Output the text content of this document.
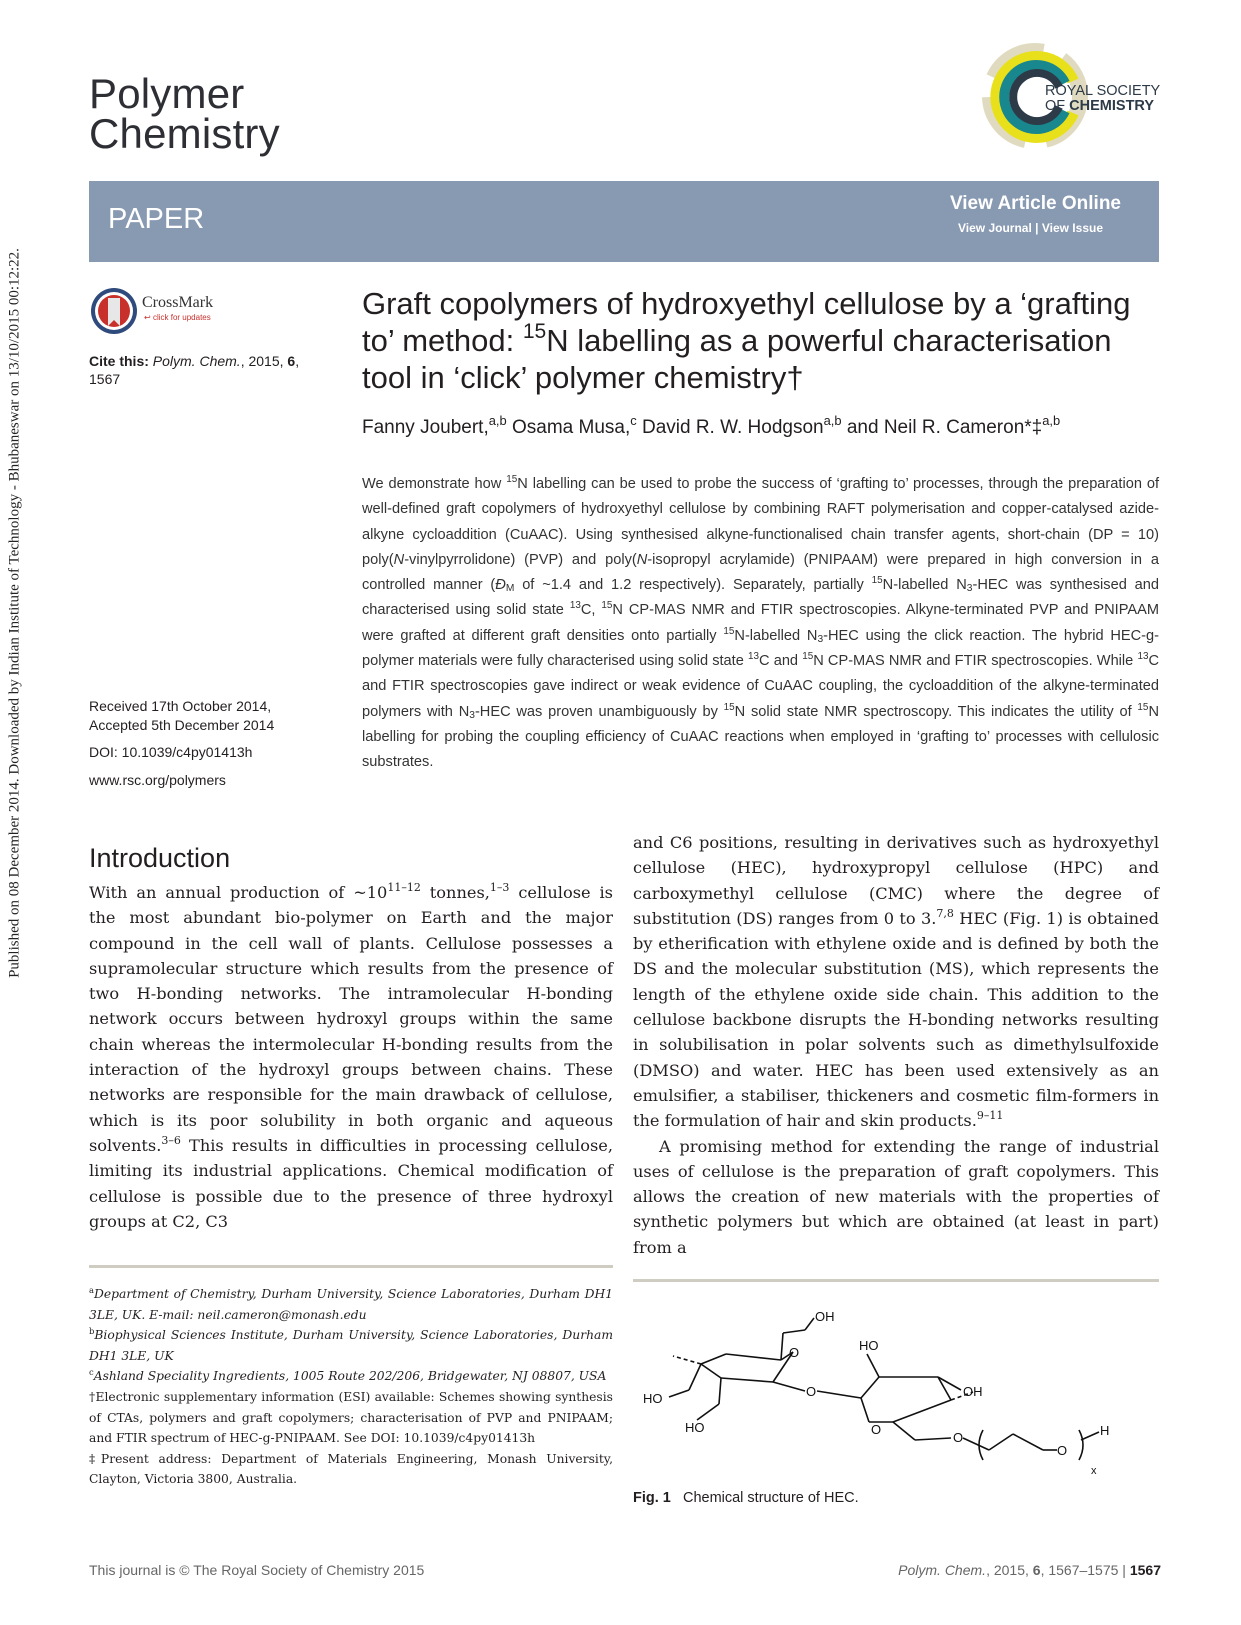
Published on 08 December 2014. Downloaded by Indian Institute of Technology - Bhubaneswar on 13/10/2015 00:12:22.
Polymer
Chemistry
ROYAL SOCIETY
OF CHEMISTRY
PAPER	View Article Online
View Journal | View Issue
CrossMark
↩ click for updates
Cite this: Polym. Chem., 2015, 6,
1567
Received 17th October 2014,
Accepted 5th December 2014
DOI: 10.1039/c4py01413h
www.rsc.org/polymers
Graft copolymers of hydroxyethyl cellulose by a ‘grafting to’ method: $^{15}$N labelling as a powerful characterisation tool in ‘click’ polymer chemistry†
Fanny Joubert,$^{a,b}$ Osama Musa,$^c$ David R. W. Hodgson$^{a,b}$ and Neil R. Cameron*‡$^{a,b}$

We demonstrate how $^{15}$N labelling can be used to probe the success of ‘grafting to’ processes, through the preparation of well-defined graft copolymers of hydroxyethyl cellulose by combining RAFT polymerisation and copper-catalysed azide-alkyne cycloaddition (CuAAC). Using synthesised alkyne-functionalised chain transfer agents, short-chain (DP = 10) poly(N-vinylpyrrolidone) (PVP) and poly(N-isopropyl acrylamide) (PNIPAAM) were prepared in high conversion in a controlled manner ($Đ_M$ of ~1.4 and 1.2 respectively). Separately, partially $^{15}$N-labelled $N_3$-HEC was synthesised and characterised using solid state $^{13}$C, $^{15}$N CP-MAS NMR and FTIR spectroscopies. Alkyne-terminated PVP and PNIPAAM were grafted at different graft densities onto partially $^{15}$N-labelled $N_3$-HEC using the click reaction. The hybrid HEC-g-polymer materials were fully characterised using solid state $^{13}$C and $^{15}$N CP-MAS NMR and FTIR spectroscopies. While $^{13}$C and FTIR spectroscopies gave indirect or weak evidence of CuAAC coupling, the cycloaddition of the alkyne-terminated polymers with $N_3$-HEC was proven unambiguously by $^{15}$N solid state NMR spectroscopy. This indicates the utility of $^{15}$N labelling for probing the coupling efficiency of CuAAC reactions when employed in ‘grafting to’ processes with cellulosic substrates.

Introduction

With an annual production of ~10$^{11-12}$ tonnes,$^{1-3}$ cellulose is the most abundant bio-polymer on Earth and the major compound in the cell wall of plants. Cellulose possesses a supramolecular structure which results from the presence of two H-bonding networks. The intramolecular H-bonding network occurs between hydroxyl groups within the same chain whereas the intermolecular H-bonding results from the interaction of the hydroxyl groups between chains. These networks are responsible for the main drawback of cellulose, which is its poor solubility in both organic and aqueous solvents.$^{3-6}$ This results in difficulties in processing cellulose, limiting its industrial applications. Chemical modification of cellulose is possible due to the presence of three hydroxyl groups at C2, C3

and C6 positions, resulting in derivatives such as hydroxyethyl cellulose (HEC), hydroxypropyl cellulose (HPC) and carboxymethyl cellulose (CMC) where the degree of substitution (DS) ranges from 0 to 3.$^{7,8}$ HEC (Fig. 1) is obtained by etherification with ethylene oxide and is defined by both the DS and the molecular substitution (MS), which represents the length of the ethylene oxide side chain. This addition to the cellulose backbone disrupts the H-bonding networks resulting in solubilisation in polar solvents such as dimethylsulfoxide (DMSO) and water. HEC has been used extensively as an emulsifier, a stabiliser, thickeners and cosmetic film-formers in the formulation of hair and skin products.$^{9-11}$

A promising method for extending the range of industrial uses of cellulose is the preparation of graft copolymers. This allows the creation of new materials with the properties of synthetic polymers but which are obtained (at least in part) from a

$^a$Department of Chemistry, Durham University, Science Laboratories, Durham DH1 3LE, UK. E-mail: neil.cameron@monash.edu

$^b$Biophysical Sciences Institute, Durham University, Science Laboratories, Durham DH1 3LE, UK

$^c$Ashland Speciality Ingredients, 1005 Route 202/206, Bridgewater, NJ 08807, USA

†Electronic supplementary information (ESI) available: Schemes showing synthesis of CTAs, polymers and graft copolymers; characterisation of PVP and PNIPAAM; and FTIR spectrum of HEC-g-PNIPAAM. See DOI: 10.1039/c4py01413h

‡Present address: Department of Materials Engineering, Monash University, Clayton, Victoria 3800, Australia.

OH
HO
HO
HO
OH
O
O
O
O
O
H
x
Fig. 1 Chemical structure of HEC.
This journal is © The Royal Society of Chemistry 2015	Polym. Chem., 2015, 6, 1567–1575 | 1567
